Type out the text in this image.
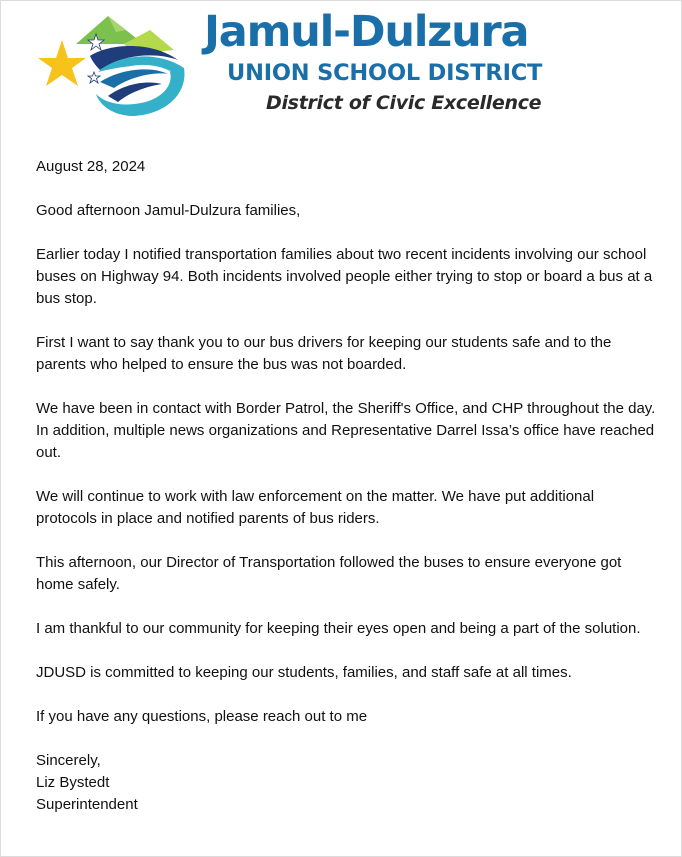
Jamul-Dulzura
UNION SCHOOL DISTRICT
District of Civic Excellence

August 28, 2024

Good afternoon Jamul-Dulzura families,

Earlier today I notified transportation families about two recent incidents involving our school buses on Highway 94. Both incidents involved people either trying to stop or board a bus at a bus stop.

First I want to say thank you to our bus drivers for keeping our students safe and to the parents who helped to ensure the bus was not boarded.

We have been in contact with Border Patrol, the Sheriff's Office, and CHP throughout the day. In addition, multiple news organizations and Representative Darrel Issa’s office have reached out.

We will continue to work with law enforcement on the matter. We have put additional protocols in place and notified parents of bus riders.

This afternoon, our Director of Transportation followed the buses to ensure everyone got home safely.

I am thankful to our community for keeping their eyes open and being a part of the solution.

JDUSD is committed to keeping our students, families, and staff safe at all times.

If you have any questions, please reach out to me

Sincerely,

Liz Bystedt

Superintendent
